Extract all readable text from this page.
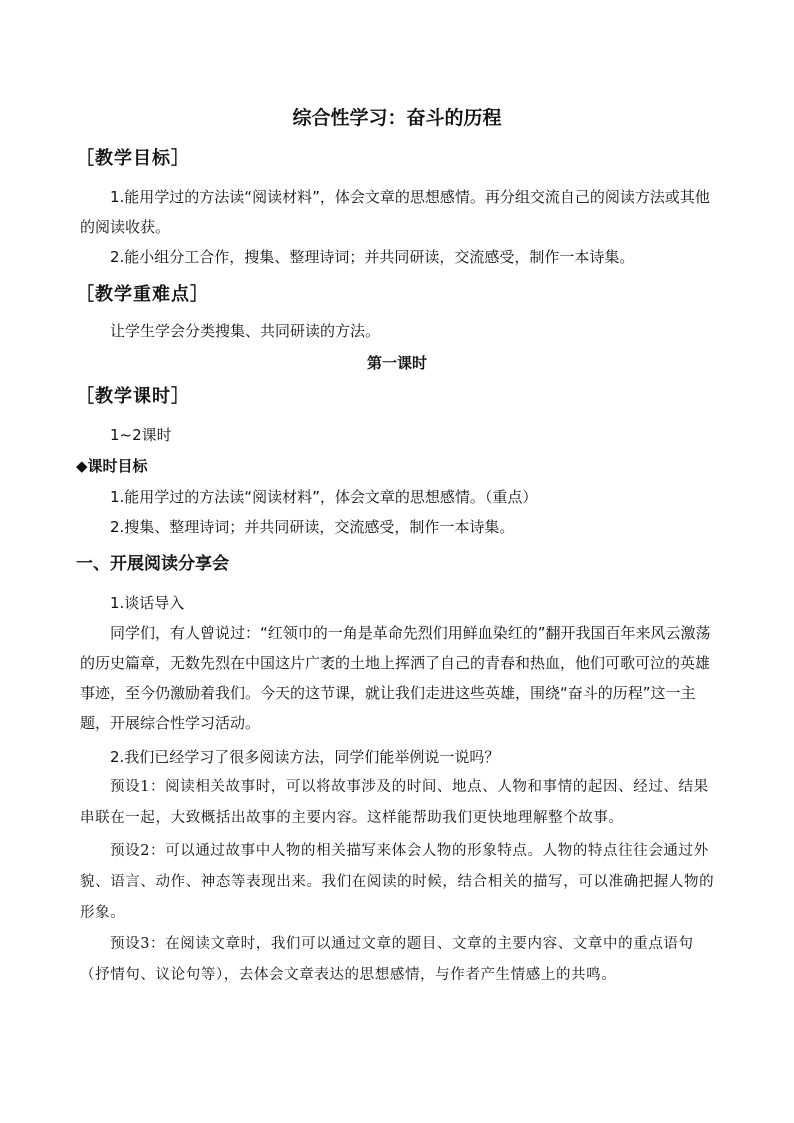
综合性学习：奋斗的历程
［教学目标］
1.能用学过的方法读“阅读材料”，体会文章的思想感情。再分组交流自己的阅读方法或其他的阅读收获。
2.能小组分工合作，搜集、整理诗词；并共同研读，交流感受，制作一本诗集。
［教学重难点］
让学生学会分类搜集、共同研读的方法。
第一课时
［教学课时］
1~2课时
◆课时目标
1.能用学过的方法读“阅读材料”，体会文章的思想感情。（重点）
2.搜集、整理诗词；并共同研读，交流感受，制作一本诗集。
一、开展阅读分享会
1.谈话导入
同学们，有人曾说过：“红领巾的一角是革命先烈们用鲜血染红的”翻开我国百年来风云激荡的历史篇章，无数先烈在中国这片广袤的土地上挥洒了自己的青春和热血，他们可歌可泣的英雄事迹，至今仍激励着我们。今天的这节课，就让我们走进这些英雄，围绕“奋斗的历程”这一主题，开展综合性学习活动。
2.我们已经学习了很多阅读方法，同学们能举例说一说吗？
预设1：阅读相关故事时，可以将故事涉及的时间、地点、人物和事情的起因、经过、结果串联在一起，大致概括出故事的主要内容。这样能帮助我们更快地理解整个故事。
预设2：可以通过故事中人物的相关描写来体会人物的形象特点。人物的特点往往会通过外貌、语言、动作、神态等表现出来。我们在阅读的时候，结合相关的描写，可以准确把握人物的形象。
预设3：在阅读文章时，我们可以通过文章的题目、文章的主要内容、文章中的重点语句（抒情句、议论句等），去体会文章表达的思想感情，与作者产生情感上的共鸣。
